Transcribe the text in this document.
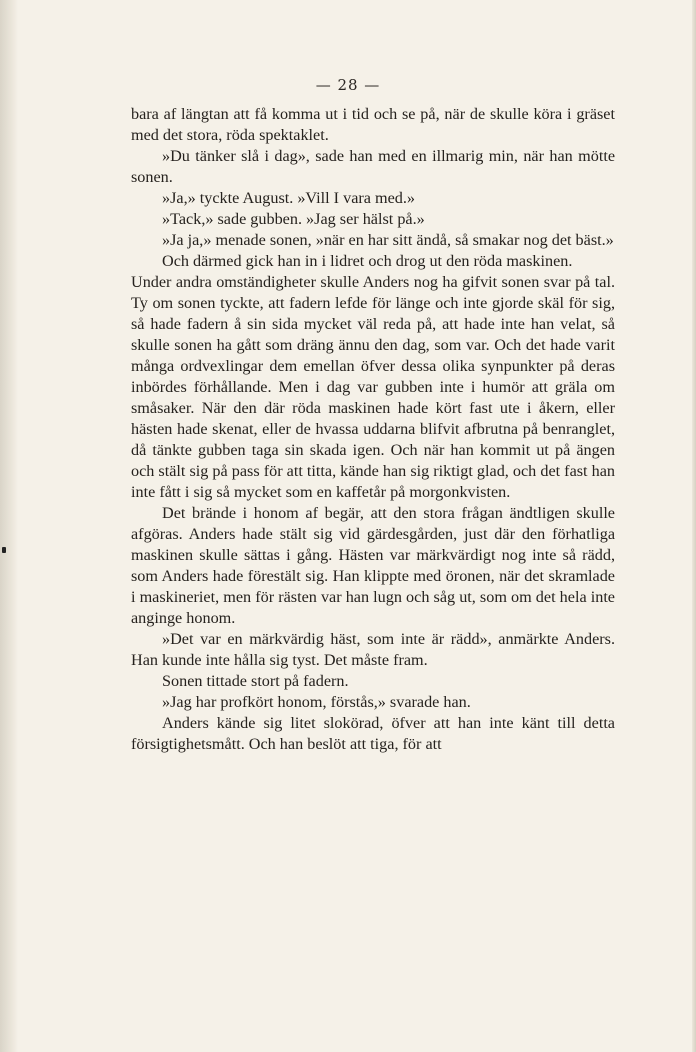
— 28 —

bara af längtan att få komma ut i tid och se på, när de skulle köra i gräset med det stora, röda spektaklet.

»Du tänker slå i dag», sade han med en illmarig min, när han mötte sonen.

»Ja,» tyckte August. »Vill I vara med.»

»Tack,» sade gubben. »Jag ser hälst på.»

»Ja ja,» menade sonen, »när en har sitt ändå, så smakar nog det bäst.»

Och därmed gick han in i lidret och drog ut den röda maskinen.

Under andra omständigheter skulle Anders nog ha gifvit sonen svar på tal. Ty om sonen tyckte, att fadern lefde för länge och inte gjorde skäl för sig, så hade fadern å sin sida mycket väl reda på, att hade inte han velat, så skulle sonen ha gått som dräng ännu den dag, som var. Och det hade varit många ordvexlingar dem emellan öfver dessa olika synpunkter på deras inbördes förhållande. Men i dag var gubben inte i humör att gräla om småsaker. När den där röda maskinen hade kört fast ute i åkern, eller hästen hade skenat, eller de hvassa uddarna blifvit afbrutna på benranglet, då tänkte gubben taga sin skada igen. Och när han kommit ut på ängen och stält sig på pass för att titta, kände han sig riktigt glad, och det fast han inte fått i sig så mycket som en kaffetår på morgonkvisten.

Det brände i honom af begär, att den stora frågan ändtligen skulle afgöras. Anders hade stält sig vid gärdesgården, just där den förhatliga maskinen skulle sättas i gång. Hästen var märkvärdigt nog inte så rädd, som Anders hade förestält sig. Han klippte med öronen, när det skramlade i maskineriet, men för rästen var han lugn och såg ut, som om det hela inte anginge honom.

»Det var en märkvärdig häst, som inte är rädd», anmärkte Anders. Han kunde inte hålla sig tyst. Det måste fram.

Sonen tittade stort på fadern.

»Jag har profkört honom, förstås,» svarade han.

Anders kände sig litet slokörad, öfver att han inte känt till detta försigtighetsmått. Och han beslöt att tiga, för att
